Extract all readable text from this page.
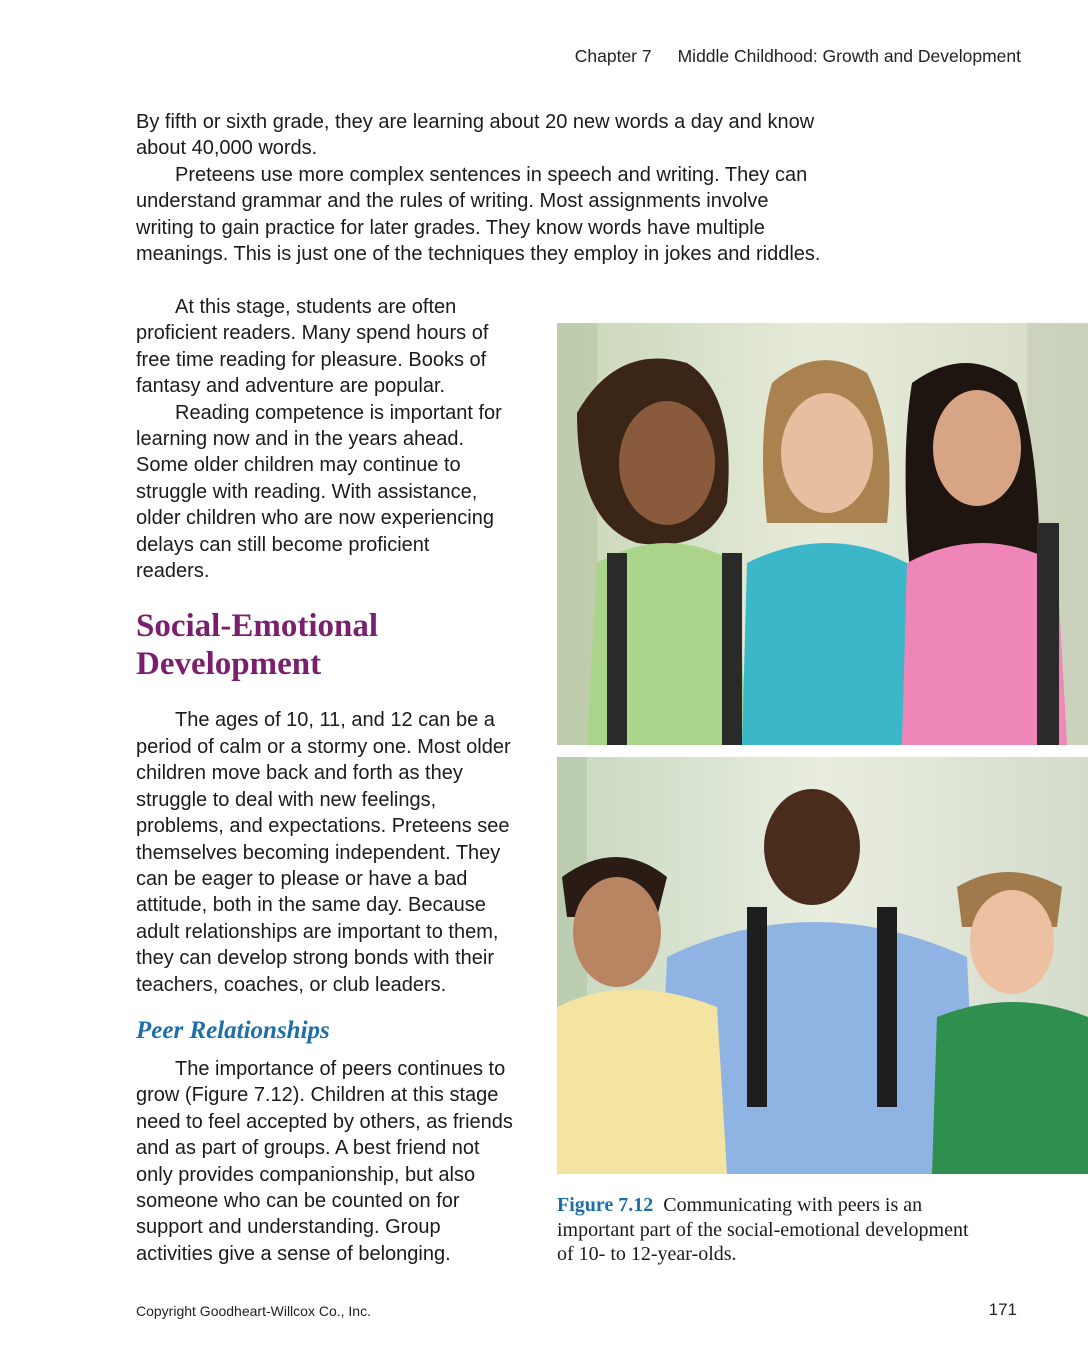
Chapter 7 Middle Childhood: Growth and Development

By fifth or sixth grade, they are learning about 20 new words a day and know about 40,000 words.

Preteens use more complex sentences in speech and writing. They can understand grammar and the rules of writing. Most assignments involve writing to gain practice for later grades. They know words have multiple meanings. This is just one of the techniques they employ in jokes and riddles.

At this stage, students are often proficient readers. Many spend hours of free time reading for pleasure. Books of fantasy and adventure are popular.

Reading competence is important for learning now and in the years ahead. Some older children may continue to struggle with reading. With assistance, older children who are now experiencing delays can still become proficient readers.

Social-Emotional Development

The ages of 10, 11, and 12 can be a period of calm or a stormy one. Most older children move back and forth as they struggle to deal with new feelings, problems, and expectations. Preteens see themselves becoming independent. They can be eager to please or have a bad attitude, both in the same day. Because adult relationships are important to them, they can develop strong bonds with their teachers, coaches, or club leaders.

Peer Relationships

The importance of peers continues to grow (Figure 7.12). Children at this stage need to feel accepted by others, as friends and as part of groups. A best friend not only provides companionship, but also someone who can be counted on for support and understanding. Group activities give a sense of belonging.

Figure 7.12 Communicating with peers is an important part of the social-emotional development of 10- to 12-year-olds.
Copyright Goodheart-Willcox Co., Inc.	171
